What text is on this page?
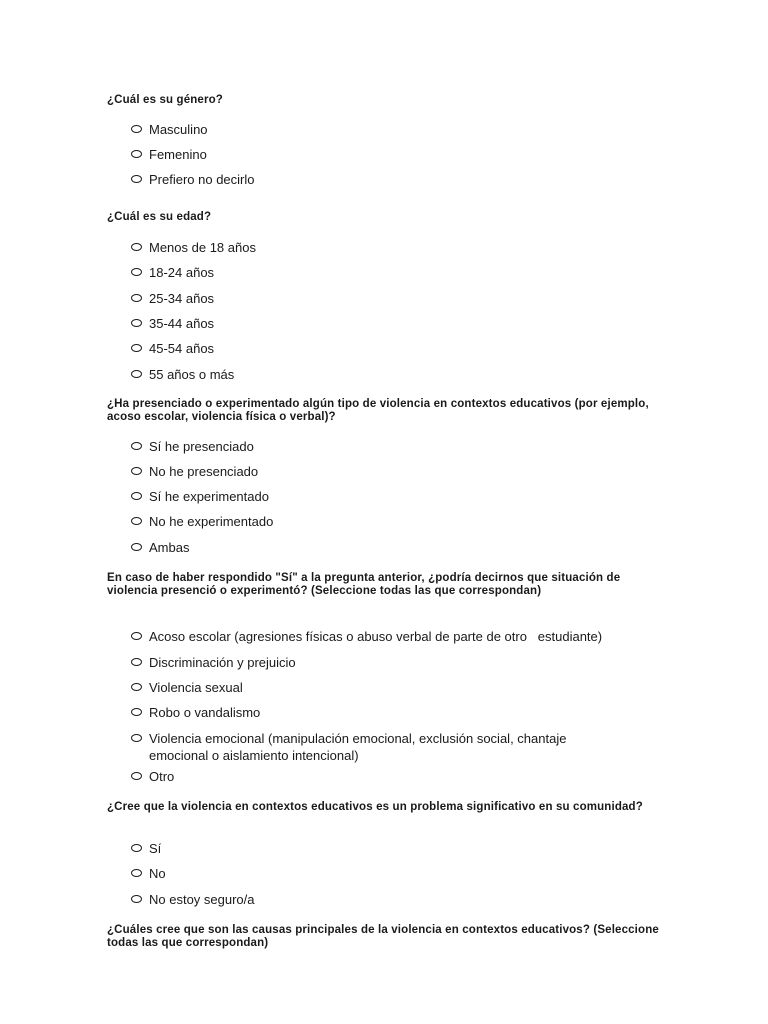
¿Cuál es su género?
Masculino
Femenino
Prefiero no decirlo
¿Cuál es su edad?
Menos de 18 años
18-24 años
25-34 años
35-44 años
45-54 años
55 años o más
¿Ha presenciado o experimentado algún tipo de violencia en contextos educativos (por ejemplo, acoso escolar, violencia física o verbal)?
Sí he presenciado
No he presenciado
Sí he experimentado
No he experimentado
Ambas
En caso de haber respondido "Sí" a la pregunta anterior, ¿podría decirnos que situación de violencia presenció o experimentó? (Seleccione todas las que correspondan)
Acoso escolar (agresiones físicas o abuso verbal de parte de otro   estudiante)
Discriminación y prejuicio
Violencia sexual
Robo o vandalismo
Violencia emocional (manipulación emocional, exclusión social, chantaje emocional o aislamiento intencional)
Otro
¿Cree que la violencia en contextos educativos es un problema significativo en su comunidad?
Sí
No
No estoy seguro/a
¿Cuáles cree que son las causas principales de la violencia en contextos educativos? (Seleccione todas las que correspondan)
